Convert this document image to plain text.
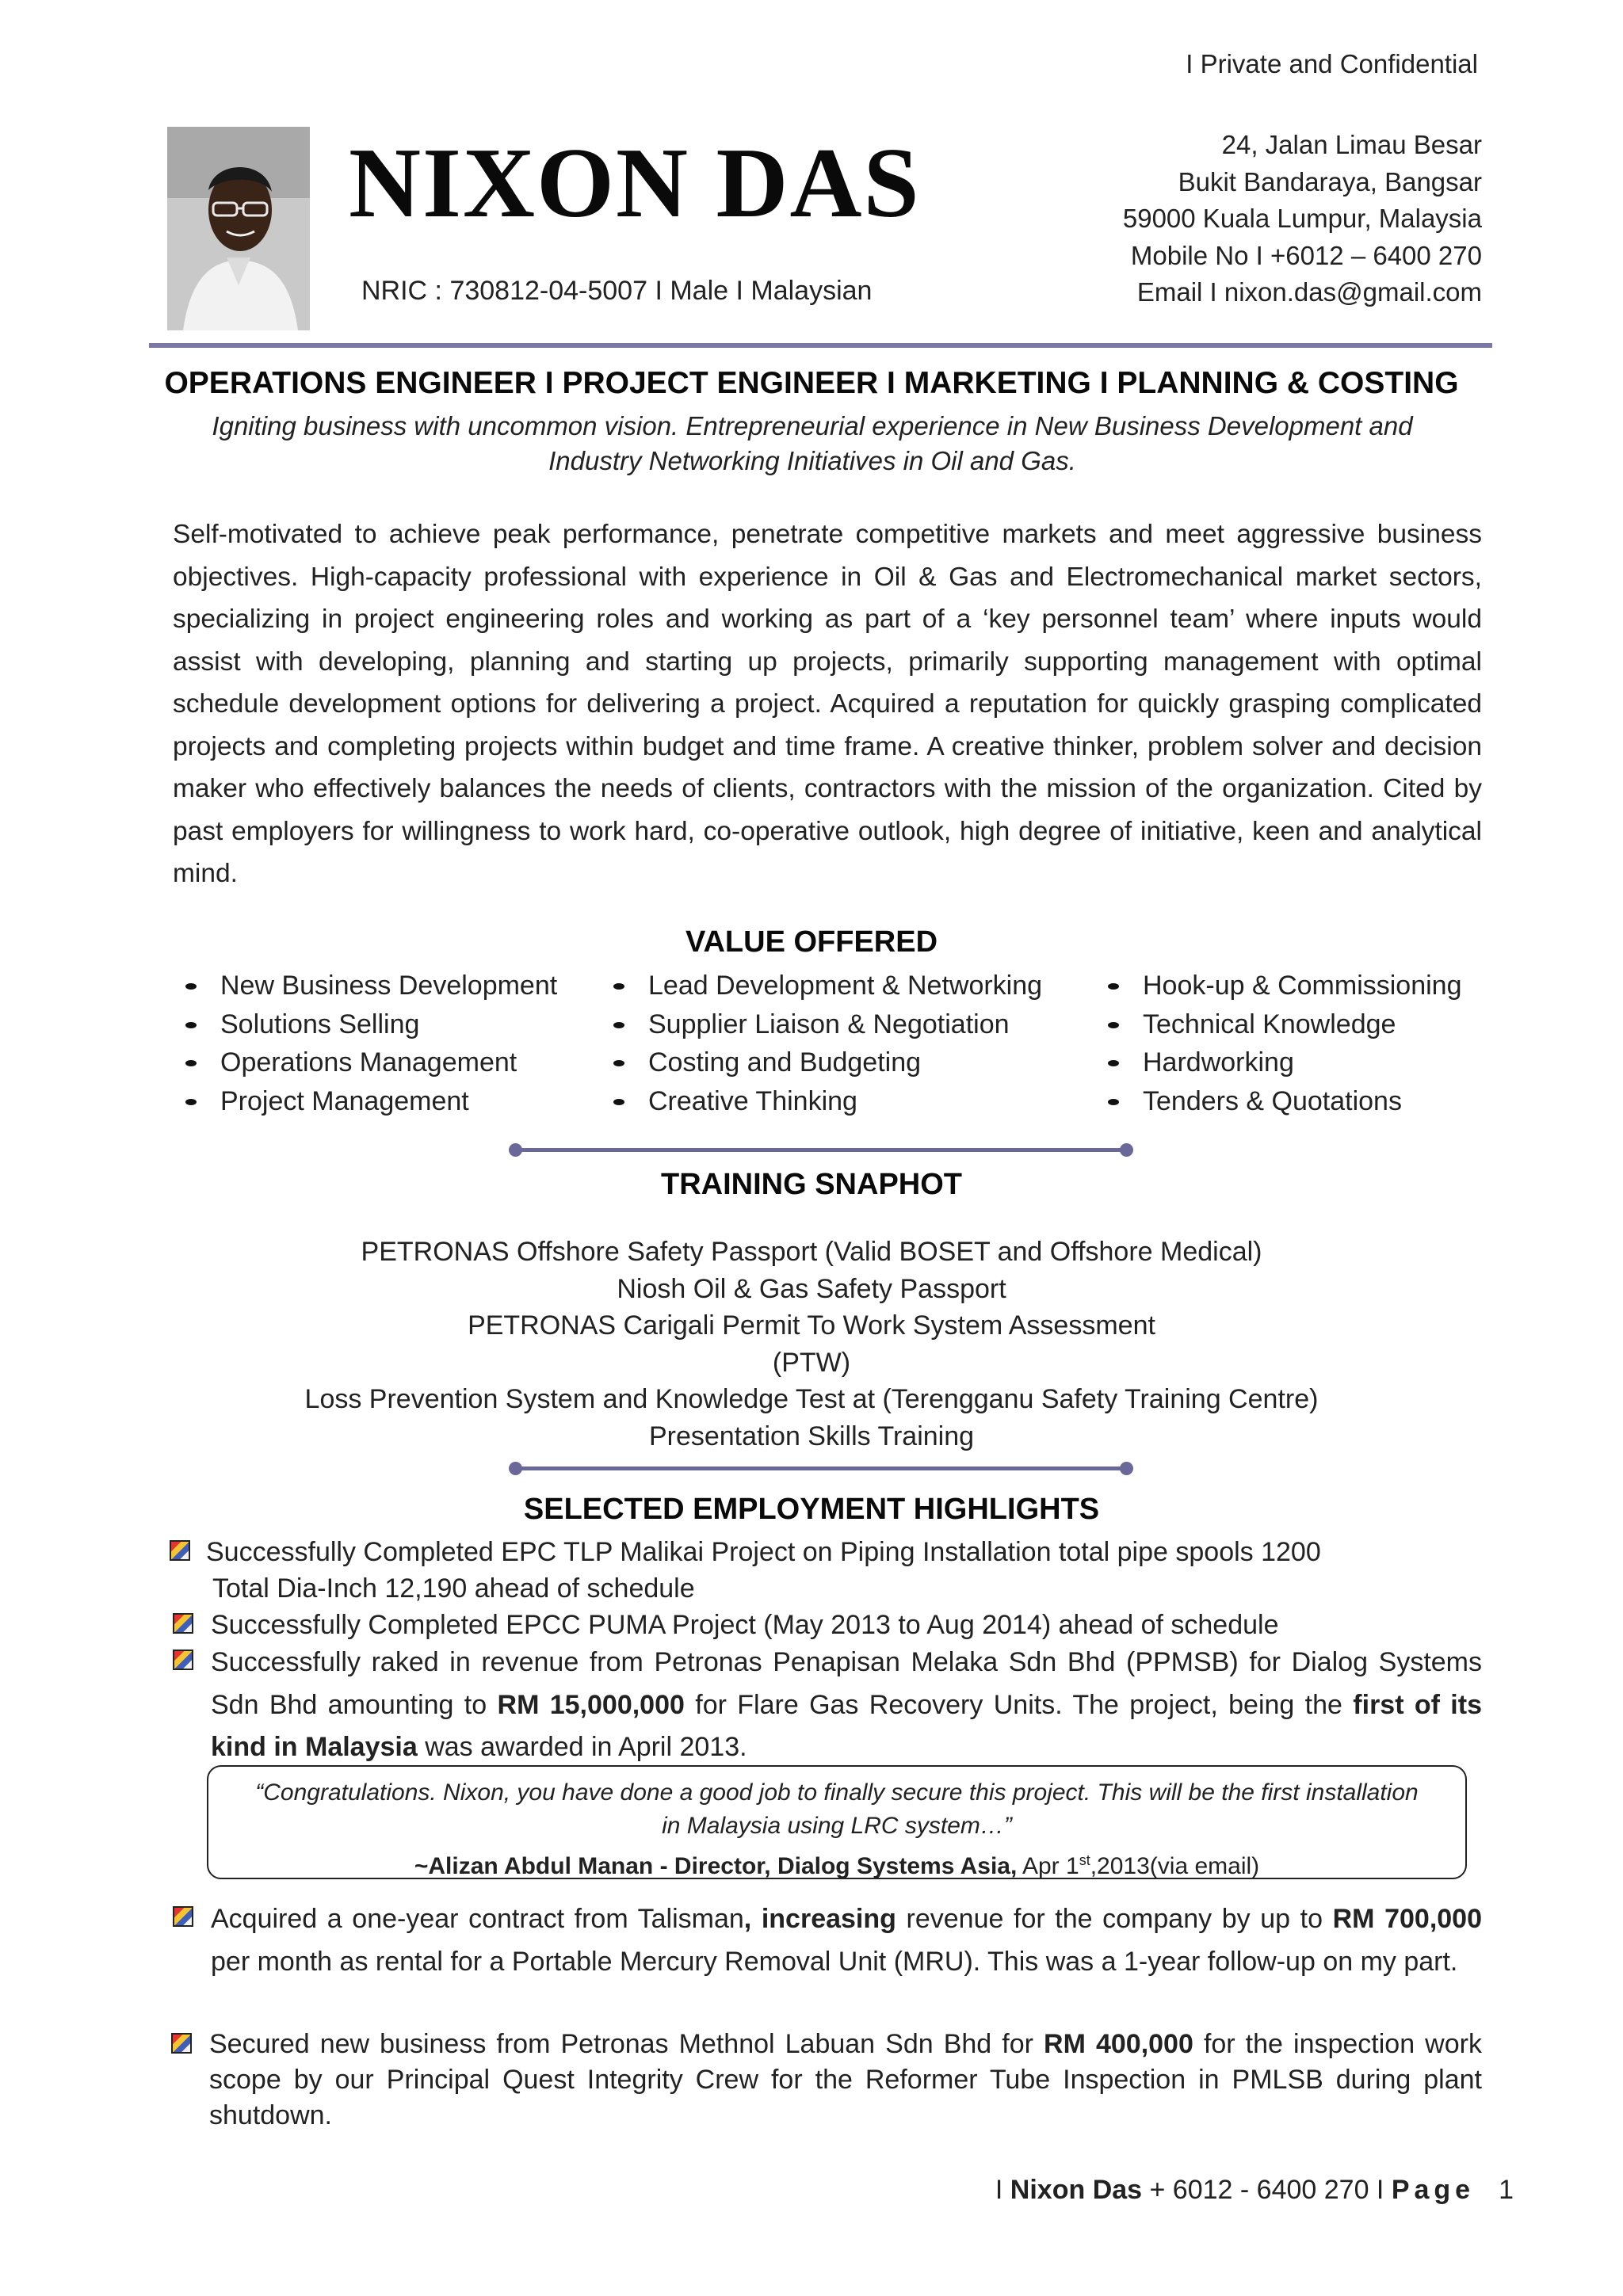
I Private and Confidential
NIXON DAS
NRIC : 730812-04-5007 I Male I Malaysian
24, Jalan Limau Besar
Bukit Bandaraya, Bangsar
59000 Kuala Lumpur, Malaysia
Mobile No I +6012 – 6400 270
Email I nixon.das@gmail.com
OPERATIONS ENGINEER I PROJECT ENGINEER I MARKETING I PLANNING & COSTING
Igniting business with uncommon vision. Entrepreneurial experience in New Business Development and
Industry Networking Initiatives in Oil and Gas.
Self-motivated to achieve peak performance, penetrate competitive markets and meet aggressive business objectives. High-capacity professional with experience in Oil & Gas and Electromechanical market sectors, specializing in project engineering roles and working as part of a ‘key personnel team’ where inputs would assist with developing, planning and starting up projects, primarily supporting management with optimal schedule development options for delivering a project. Acquired a reputation for quickly grasping complicated projects and completing projects within budget and time frame. A creative thinker, problem solver and decision maker who effectively balances the needs of clients, contractors with the mission of the organization. Cited by past employers for willingness to work hard, co-operative outlook, high degree of initiative, keen and analytical mind.
VALUE OFFERED
New Business Development
Solutions Selling
Operations Management
Project Management
Lead Development & Networking
Supplier Liaison & Negotiation
Costing and Budgeting
Creative Thinking
Hook-up & Commissioning
Technical Knowledge
Hardworking
Tenders & Quotations
TRAINING SNAPHOT
PETRONAS Offshore Safety Passport (Valid BOSET and Offshore Medical)
Niosh Oil & Gas Safety Passport
PETRONAS Carigali Permit To Work System Assessment
(PTW)
Loss Prevention System and Knowledge Test at (Terengganu Safety Training Centre)
Presentation Skills Training
SELECTED EMPLOYMENT HIGHLIGHTS
Successfully Completed EPC TLP Malikai Project on Piping Installation total pipe spools 1200
Total Dia-Inch 12,190 ahead of schedule
Successfully Completed EPCC PUMA Project (May 2013 to Aug 2014) ahead of schedule
Successfully raked in revenue from Petronas Penapisan Melaka Sdn Bhd (PPMSB) for Dialog Systems Sdn Bhd amounting to RM 15,000,000 for Flare Gas Recovery Units. The project, being the first of its kind in Malaysia was awarded in April 2013.
“Congratulations. Nixon, you have done a good job to finally secure this project. This will be the first installation
in Malaysia using LRC system…”
~Alizan Abdul Manan - Director, Dialog Systems Asia, Apr 1st,2013(via email)
Acquired a one-year contract from Talisman, increasing revenue for the company by up to RM 700,000 per month as rental for a Portable Mercury Removal Unit (MRU). This was a 1-year follow-up on my part.
Secured new business from Petronas Methnol Labuan Sdn Bhd for RM 400,000 for the inspection work scope by our Principal Quest Integrity Crew for the Reformer Tube Inspection in PMLSB during plant shutdown.
I Nixon Das + 6012 - 6400 270 I Page 1
